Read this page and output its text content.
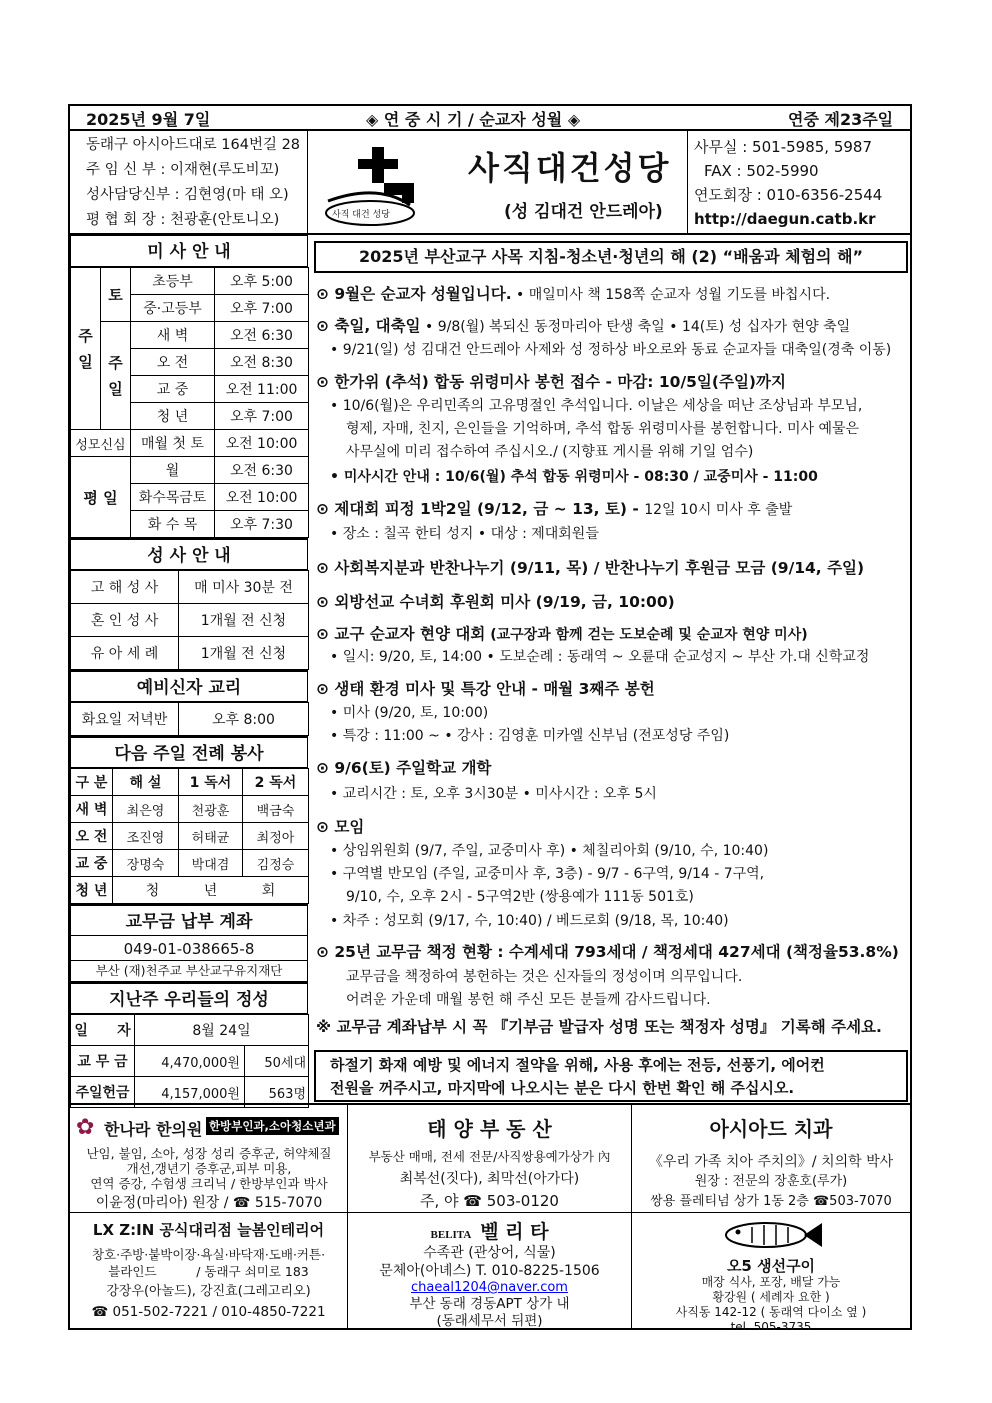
2025년 9월 7일	◈ 연 중 시 기 / 순교자 성월 ◈	연중 제23주일
동래구 아시아드대로 164번길 28
주 임 신 부 : 이재현(루도비꼬)
성사담당신부 : 김현영(마 태 오)
평 협 회 장 : 천광훈(안토니오)	사직 대건 성당
사직대건성당
(성 김대건 안드레아)
사무실 : 501-5985, 5987
FAX : 502-5990
연도회장 : 010-6356-2544
http://daegun.catb.kr
미 사 안 내
주
일	토	초등부	오후 5:00
		중·고등부	오후 7:00
	주
일	새 벽	오전 6:30
		오 전	오전 8:30
		교 중	오전 11:00
		청 년	오후 7:00
성모신심		매월 첫 토	오전 10:00
평 일		월	오전 6:30
		화수목금토	오전 10:00
		화 수 목	오후 7:30
성 사 안 내
고 해 성 사	매 미사 30분 전
혼 인 성 사	1개월 전 신청
유 아 세 례	1개월 전 신청
예비신자 교리
화요일 저녁반	오후 8:00
다음 주일 전례 봉사
구 분	해 설	1 독서	2 독서
새 벽	최은영	천광훈	백금숙
오 전	조진영	허태균	최정아
교 중	장명숙	박대겸	김정승
청 년	청          년          회		
교무금 납부 계좌
049-01-038665-8
부산 (재)천주교 부산교구유지재단
지난주 우리들의 정성
일      자	8월 24일	
교 무 금	4,470,000원	50세대
주일헌금	4,157,000원	563명
2025년 부산교구 사목 지침-청소년·청년의 해 (2) “배움과 체험의 해”
⊙ 9월은 순교자 성월입니다. • 매일미사 책 158쪽 순교자 성월 기도를 바칩시다.
⊙ 축일, 대축일 • 9/8(월) 복되신 동정마리아 탄생 축일 • 14(토) 성 십자가 현양 축일
• 9/21(일) 성 김대건 안드레아 사제와 성 정하상 바오로와 동료 순교자들 대축일(경축 이동)
⊙ 한가위 (추석) 합동 위령미사 봉헌 접수 - 마감: 10/5일(주일)까지
• 10/6(월)은 우리민족의 고유명절인 추석입니다. 이날은 세상을 떠난 조상님과 부모님,
형제, 자매, 친지, 은인들을 기억하며, 추석 합동 위령미사를 봉헌합니다. 미사 예물은
사무실에 미리 접수하여 주십시오./ (지향표 게시를 위해 기일 엄수)
• 미사시간 안내 : 10/6(월) 추석 합동 위령미사 - 08:30 / 교중미사 - 11:00
⊙ 제대회 피정 1박2일 (9/12, 금 ~ 13, 토) - 12일 10시 미사 후 출발
• 장소 : 칠곡 한티 성지 • 대상 : 제대회원들
⊙ 사회복지분과 반찬나누기 (9/11, 목) / 반찬나누기 후원금 모금 (9/14, 주일)
⊙ 외방선교 수녀회 후원회 미사 (9/19, 금, 10:00)
⊙ 교구 순교자 현양 대회 (교구장과 함께 걷는 도보순례 및 순교자 현양 미사)
• 일시: 9/20, 토, 14:00 • 도보순례 : 동래역 ~ 오륜대 순교성지 ~ 부산 가.대 신학교정
⊙ 생태 환경 미사 및 특강 안내 - 매월 3째주 봉헌
• 미사 (9/20, 토, 10:00)
• 특강 : 11:00 ~ • 강사 : 김영훈 미카엘 신부님 (전포성당 주임)
⊙ 9/6(토) 주일학교 개학
• 교리시간 : 토, 오후 3시30분 • 미사시간 : 오후 5시
⊙ 모임
• 상임위원회 (9/7, 주일, 교중미사 후) • 체칠리아회 (9/10, 수, 10:40)
• 구역별 반모임 (주일, 교중미사 후, 3층) - 9/7 - 6구역, 9/14 - 7구역,
9/10, 수, 오후 2시 - 5구역2반 (쌍용예가 111동 501호)
• 차주 : 성모회 (9/17, 수, 10:40) / 베드로회 (9/18, 목, 10:40)
⊙ 25년 교무금 책정 현황 : 수계세대 793세대 / 책정세대 427세대 (책정율53.8%)
교무금을 책정하여 봉헌하는 것은 신자들의 정성이며 의무입니다.
어려운 가운데 매월 봉헌 해 주신 모든 분들께 감사드립니다.
※ 교무금 계좌납부 시 꼭 『기부금 발급자 성명 또는 책정자 성명』 기록해 주세요.
하절기 화재 예방 및 에너지 절약을 위해, 사용 후에는 전등, 선풍기, 에어컨
전원을 꺼주시고, 마지막에 나오시는 분은 다시 한번 확인 해 주십시오.
✿ 한나라 한의원 한방부인과,소아청소년과
난임, 불임, 소아, 성장 성리 증후군, 허약체질
개선,갱년기 증후군,피부 미용,
연역 증강, 수험생 크리닉 / 한방부인과 박사
이윤정(마리아) 원장 / ☎ 515-7070
태 양 부 동 산
부동산 매매, 전세 전문/사직쌍용예가상가 內
최복선(짓다), 최막선(아가다)
주, 야 ☎ 503-0120
아시아드 치과
《우리 가족 치아 주치의》/ 치의학 박사
원장 : 전문의 장훈호(루가)
쌍용 플레티넘 상가 1동 2층 ☎503-7070
LX Z:IN 공식대리점 늘봄인테리어
창호·주방·붙박이장·욕실·바닥재·도배·커튼·
블라인드          / 동래구 쇠미로 183
강장우(아놀드), 강진효(그레고리오)
☎ 051-502-7221 / 010-4850-7221
BELITA 벨 리 타
수족관 (관상어, 식물)
문체아(아녜스) T. 010-8225-1506
chaeal1204@naver.com
부산 동래 경동APT 상가 내
(동래세무서 뒤편)
오5 생선구이
매장 식사, 포장, 배달 가능
황강원 ( 세례자 요한 )
사직동 142-12 ( 동래역 다이소 옆 )
tel. 505-3735
